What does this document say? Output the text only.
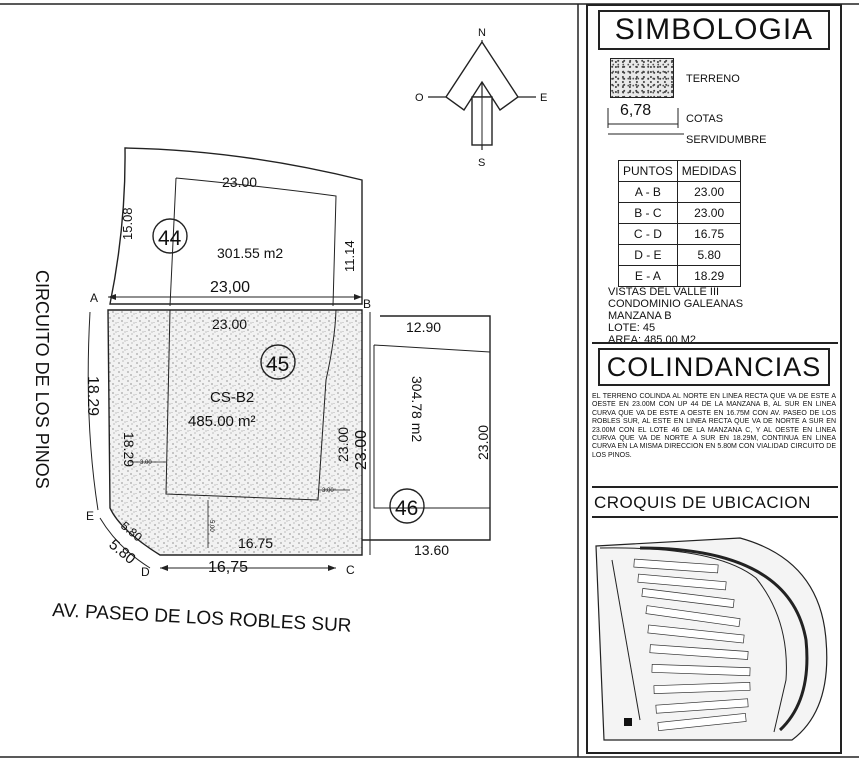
N
S
E
O
44
301.55 m2
23.00
15.08
11.14
23,00
A	B
45
CS-B2
485.00 m²
23.00
18.29	23.00
16.75
3.00
3.00
5.00
46
304.78 m2
12.90
13.60
23.00
18.29
23.00
16,75
5.80
5.80
D	C
E
CIRCUITO DE LOS PINOS
AV. PASEO DE LOS ROBLES SUR
SIMBOLOGIA
TERRENO
6,78	COTAS
SERVIDUMBRE
PUNTOS	MEDIDAS
A - B	23.00
B - C	23.00
C - D	16.75
D - E	5.80
E - A	18.29
VISTAS DEL VALLE III
CONDOMINIO GALEANAS
MANZANA B
LOTE: 45
AREA: 485.00 M2
COLINDANCIAS
EL TERRENO COLINDA AL NORTE EN LINEA RECTA QUE VA DE ESTE A OESTE EN 23.00M CON UP 44 DE LA MANZANA B, AL SUR EN LINEA CURVA QUE VA DE ESTE A OESTE EN 16.75M CON AV. PASEO DE LOS ROBLES SUR, AL ESTE EN LINEA RECTA QUE VA DE NORTE A SUR EN 23.00M CON EL LOTE 46 DE LA MANZANA C, Y AL OESTE EN LINEA CURVA QUE VA DE NORTE A SUR EN 18.29M, CONTINUA EN LINEA CURVA EN LA MISMA DIRECCION EN 5.80M CON VIALIDAD CIRCUITO DE LOS PINOS.
CROQUIS DE UBICACION
